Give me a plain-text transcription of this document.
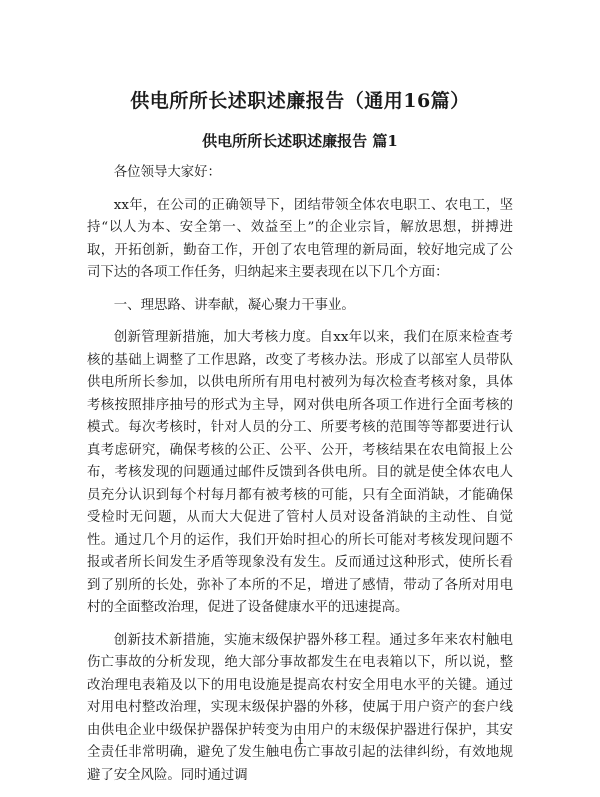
供电所所长述职述廉报告（通用16篇）
供电所所长述职述廉报告 篇1

各位领导大家好：

xx年，在公司的正确领导下，团结带领全体农电职工、农电工，坚持“以人为本、安全第一、效益至上”的企业宗旨，解放思想，拼搏进取，开拓创新，勤奋工作，开创了农电管理的新局面，较好地完成了公司下达的各项工作任务，归纳起来主要表现在以下几个方面：

一、理思路、讲奉献，凝心聚力干事业。

创新管理新措施，加大考核力度。自xx年以来，我们在原来检查考核的基础上调整了工作思路，改变了考核办法。形成了以部室人员带队供电所所长参加，以供电所所有用电村被列为每次检查考核对象，具体考核按照排序抽号的形式为主导，网对供电所各项工作进行全面考核的模式。每次考核时，针对人员的分工、所要考核的范围等等都要进行认真考虑研究，确保考核的公正、公平、公开，考核结果在农电简报上公布，考核发现的问题通过邮件反馈到各供电所。目的就是使全体农电人员充分认识到每个村每月都有被考核的可能，只有全面消缺，才能确保受检时无问题，从而大大促进了管村人员对设备消缺的主动性、自觉性。通过几个月的运作，我们开始时担心的所长可能对考核发现问题不报或者所长间发生矛盾等现象没有发生。反而通过这种形式，使所长看到了别所的长处，弥补了本所的不足，增进了感情，带动了各所对用电村的全面整改治理，促进了设备健康水平的迅速提高。

创新技术新措施，实施末级保护器外移工程。通过多年来农村触电伤亡事故的分析发现，绝大部分事故都发生在电表箱以下，所以说，整改治理电表箱及以下的用电设施是提高农村安全用电水平的关键。通过对用电村整改治理，实现末级保护器的外移，使属于用户资产的套户线由供电企业中级保护器保护转变为由用户的末级保护器进行保护，其安全责任非常明确，避免了发生触电伤亡事故引起的法律纠纷，有效地规避了安全风险。同时通过调

1
